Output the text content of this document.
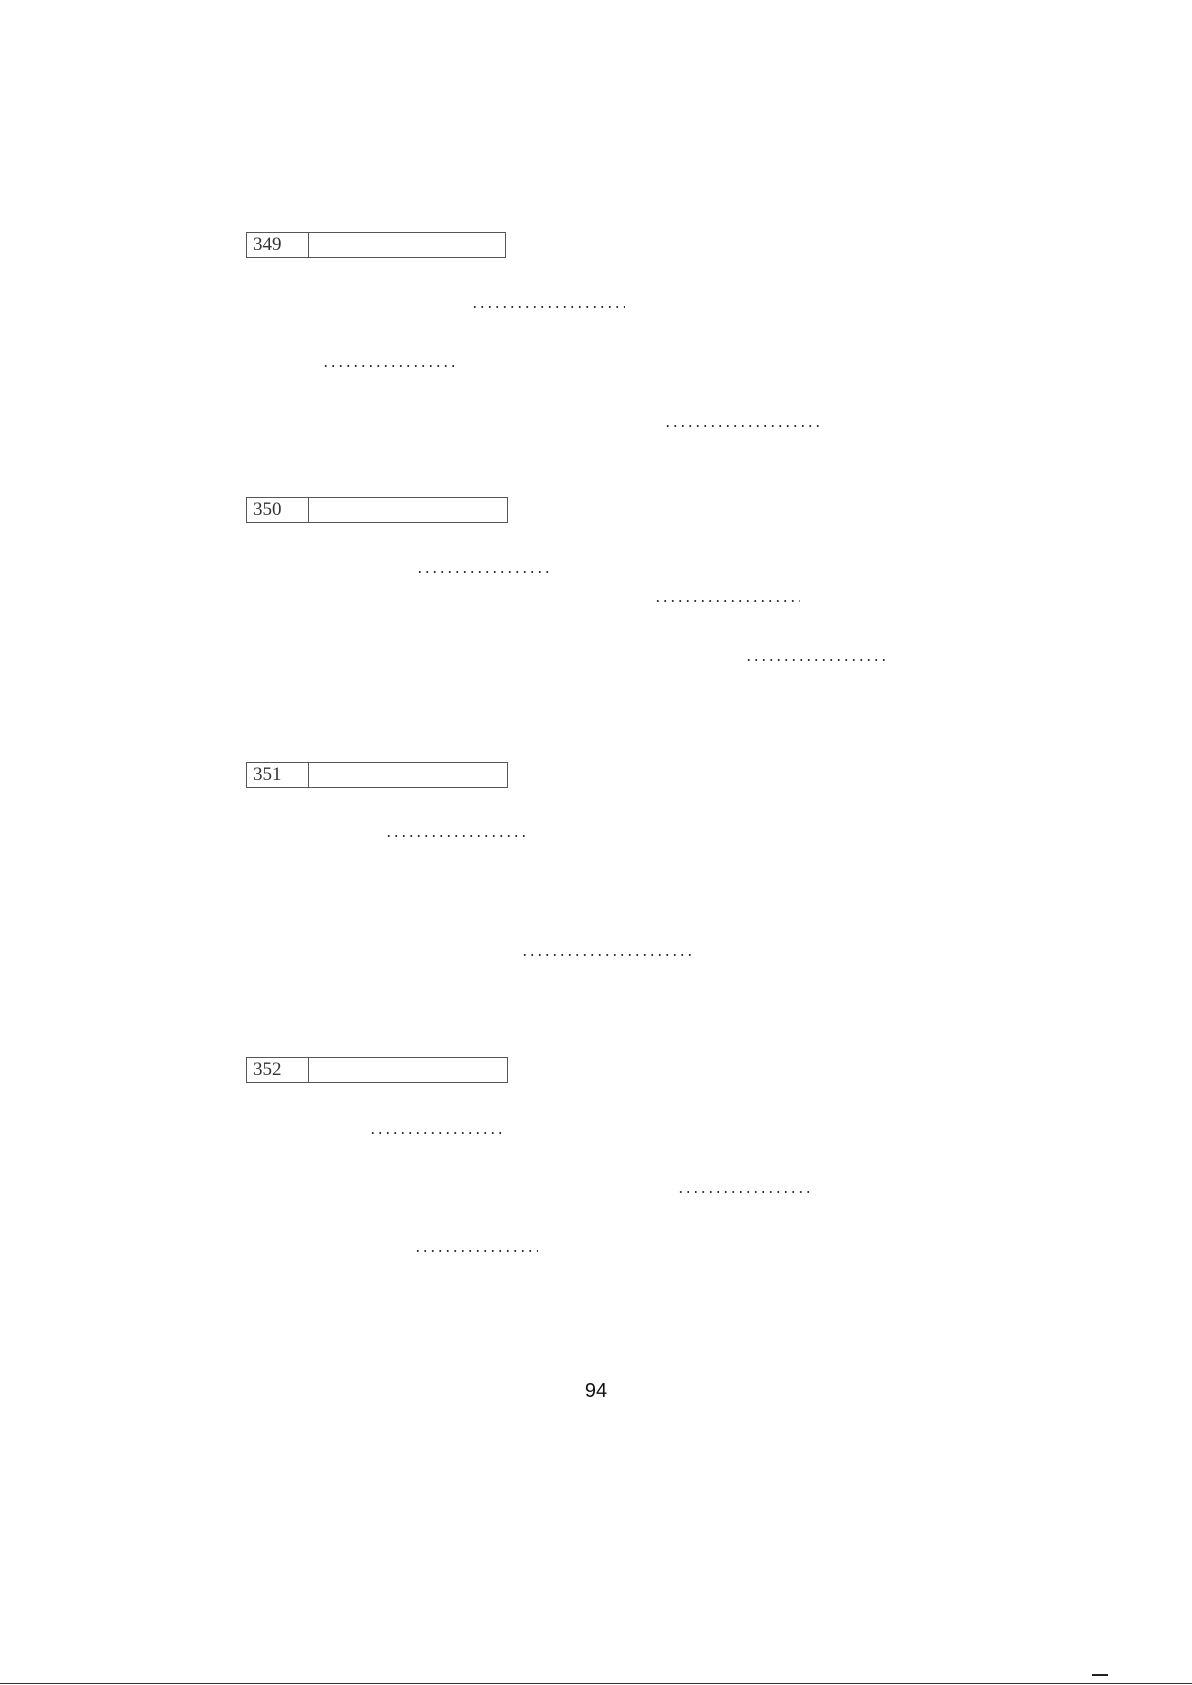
349
350
351
352
94
